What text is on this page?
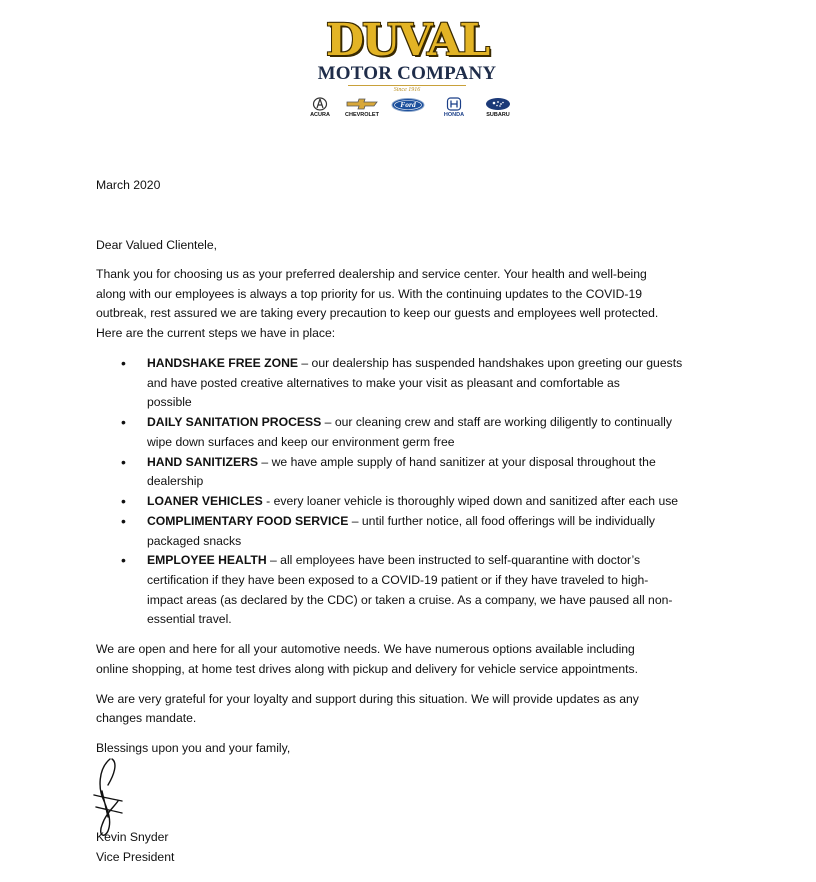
DUVAL
MOTOR COMPANY
Since 1916
ACURA	CHEVROLET
Ford
HONDA	SUBARU
March 2020
Dear Valued Clientele,
Thank you for choosing us as your preferred dealership and service center. Your health and well-being
along with our employees is always a top priority for us. With the continuing updates to the COVID-19
outbreak, rest assured we are taking every precaution to keep our guests and employees well protected.
Here are the current steps we have in place:
• HANDSHAKE FREE ZONE – our dealership has suspended handshakes upon greeting our guests
and have posted creative alternatives to make your visit as pleasant and comfortable as
possible
• DAILY SANITATION PROCESS – our cleaning crew and staff are working diligently to continually
wipe down surfaces and keep our environment germ free
• HAND SANITIZERS – we have ample supply of hand sanitizer at your disposal throughout the
dealership
• LOANER VEHICLES - every loaner vehicle is thoroughly wiped down and sanitized after each use
• COMPLIMENTARY FOOD SERVICE – until further notice, all food offerings will be individually
packaged snacks
• EMPLOYEE HEALTH – all employees have been instructed to self-quarantine with doctor’s
certification if they have been exposed to a COVID-19 patient or if they have traveled to high-
impact areas (as declared by the CDC) or taken a cruise. As a company, we have paused all non-
essential travel.
We are open and here for all your automotive needs. We have numerous options available including
online shopping, at home test drives along with pickup and delivery for vehicle service appointments.
We are very grateful for your loyalty and support during this situation. We will provide updates as any
changes mandate.
Blessings upon you and your family,
Kevin Snyder
Vice President
